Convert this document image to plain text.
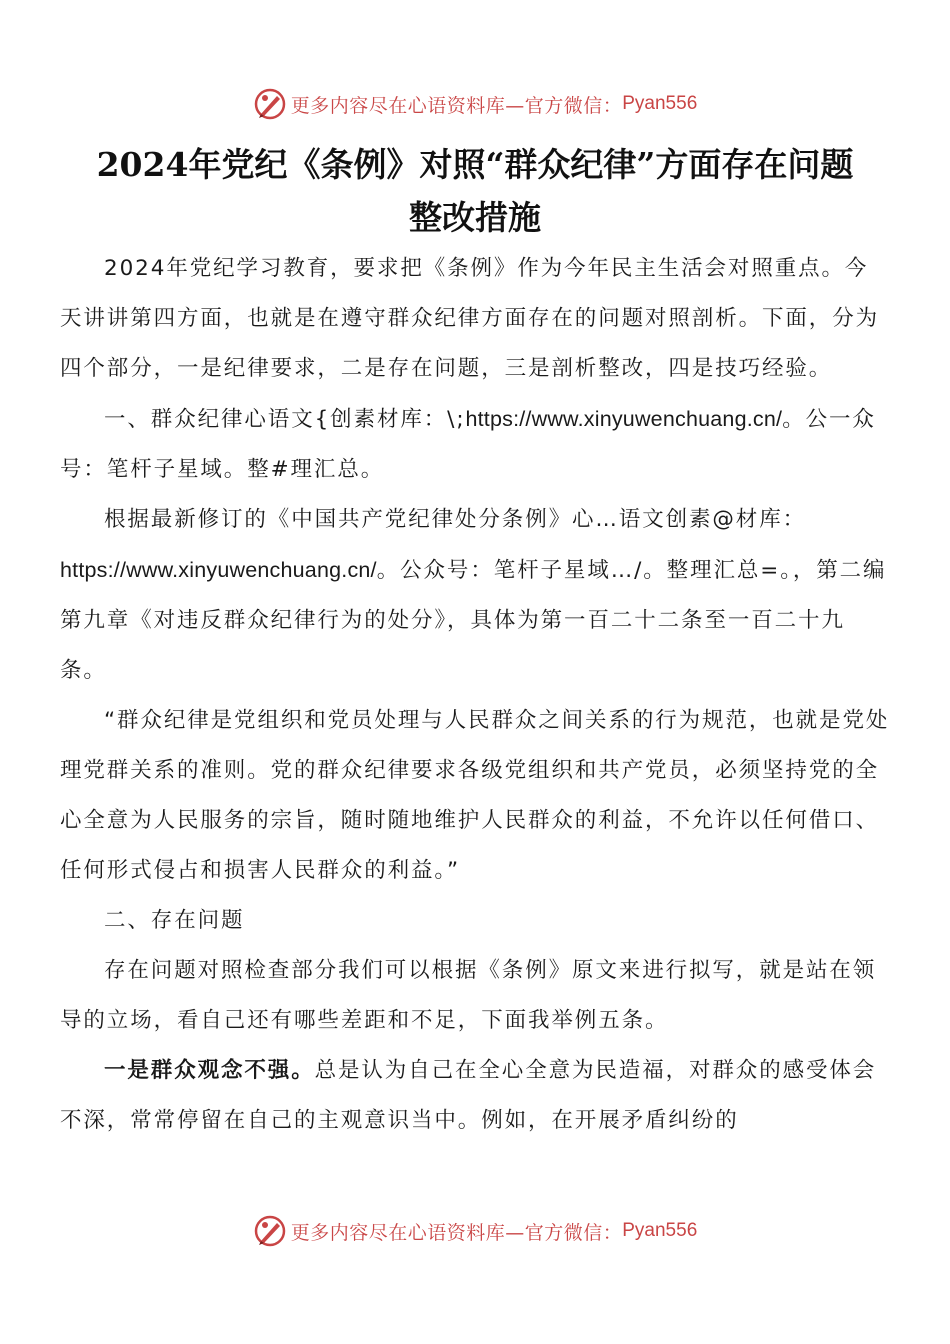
更多内容尽在心语资料库—官方微信： Pyan556
2024年党纪《条例》对照“群众纪律”方面存在问题
整改措施

2024年党纪学习教育，要求把《条例》作为今年民主生活会对照重点。今天讲讲第四方面，也就是在遵守群众纪律方面存在的问题对照剖析。下面，分为四个部分，一是纪律要求，二是存在问题，三是剖析整改，四是技巧经验。

一、群众纪律心语文{创素材库：\;https://www.xinyuwenchuang.cn/。公一众号：笔杆子星域。整#理汇总。

根据最新修订的《中国共产党纪律处分条例》心…语文创素@材库：https://www.xinyuwenchuang.cn/。公众号：笔杆子星域…/。整理汇总=。，第二编第九章《对违反群众纪律行为的处分》，具体为第一百二十二条至一百二十九条。

“群众纪律是党组织和党员处理与人民群众之间关系的行为规范，也就是党处理党群关系的准则。党的群众纪律要求各级党组织和共产党员，必须坚持党的全心全意为人民服务的宗旨，随时随地维护人民群众的利益，不允许以任何借口、任何形式侵占和损害人民群众的利益。”

二、存在问题

存在问题对照检查部分我们可以根据《条例》原文来进行拟写，就是站在领导的立场，看自己还有哪些差距和不足，下面我举例五条。

一是群众观念不强。总是认为自己在全心全意为民造福，对群众的感受体会不深，常常停留在自己的主观意识当中。例如，在开展矛盾纠纷的

更多内容尽在心语资料库—官方微信： Pyan556
